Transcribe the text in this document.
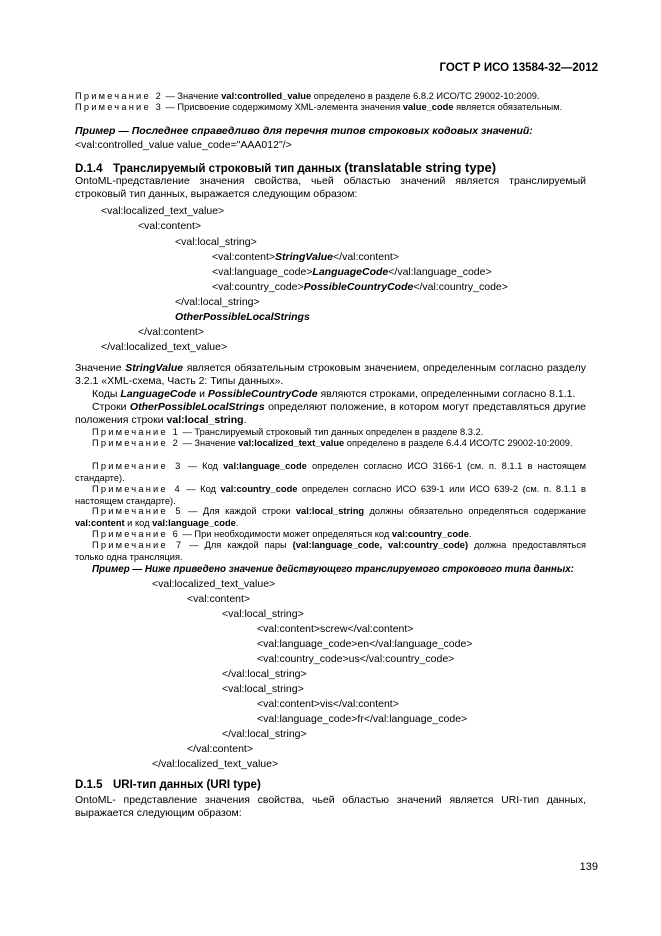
ГОСТ Р ИСО 13584-32—2012
Примечание 2 — Значение val:controlled_value определено в разделе 6.8.2 ИСО/ТС 29002-10:2009.
Примечание 3 — Присвоение содержимому XML-элемента значения value_code является обязательным.
Пример — Последнее справедливо для перечня типов строковых кодовых значений:
<val:controlled_value value_code="AAA012"/>
D.1.4 Транслируемый строковый тип данных (translatable string type)
OntoML-представление значения свойства, чьей областью значений является транслируемый строковый тип данных, выражается следующим образом:
<val:localized_text_value>
<val:content>
<val:local_string>
<val:content>StringValue</val:content>
<val:language_code>LanguageCode</val:language_code>
<val:country_code>PossibleCountryCode</val:country_code>
</val:local_string>
OtherPossibleLocalStrings
</val:content>
</val:localized_text_value>
Значение StringValue является обязательным строковым значением, определенным согласно разделу 3.2.1 «XML-схема, Часть 2: Типы данных».
Коды LanguageCode и PossibleCountryCode являются строками, определенными согласно 8.1.1.
Строки OtherPossibleLocalStrings определяют положение, в котором могут представляться другие положения строки val:local_string.
Примечание 1 — Транслируемый строковый тип данных определен в разделе 8.3.2.
Примечание 2 — Значение val:localized_text_value определено в разделе 6.4.4 ИСО/ТС 29002-10:2009.
Примечание 3 — Код val:language_code определен согласно ИСО 3166-1 (см. п. 8.1.1 в настоящем стандарте).
Примечание 4 — Код val:country_code определен согласно ИСО 639-1 или ИСО 639-2 (см. п. 8.1.1 в настоящем стандарте).
Примечание 5 — Для каждой строки val:local_string должны обязательно определяться содержание val:content и код val:language_code.
Примечание 6 — При необходимости может определяться код val:country_code.
Примечание 7 — Для каждой пары (val:language_code, val:country_code) должна предоставляться только одна трансляция.
Пример — Ниже приведено значение действующего транслируемого строкового типа данных:
<val:localized_text_value>
<val:content>
<val:local_string>
<val:content>screw</val:content>
<val:language_code>en</val:language_code>
<val:country_code>us</val:country_code>
</val:local_string>
<val:local_string>
<val:content>vis</val:content>
<val:language_code>fr</val:language_code>
</val:local_string>
</val:content>
</val:localized_text_value>
D.1.5 URI-тип данных (URI type)
OntoML- представление значения свойства, чьей областью значений является URI-тип данных, выражается следующим образом:
139
